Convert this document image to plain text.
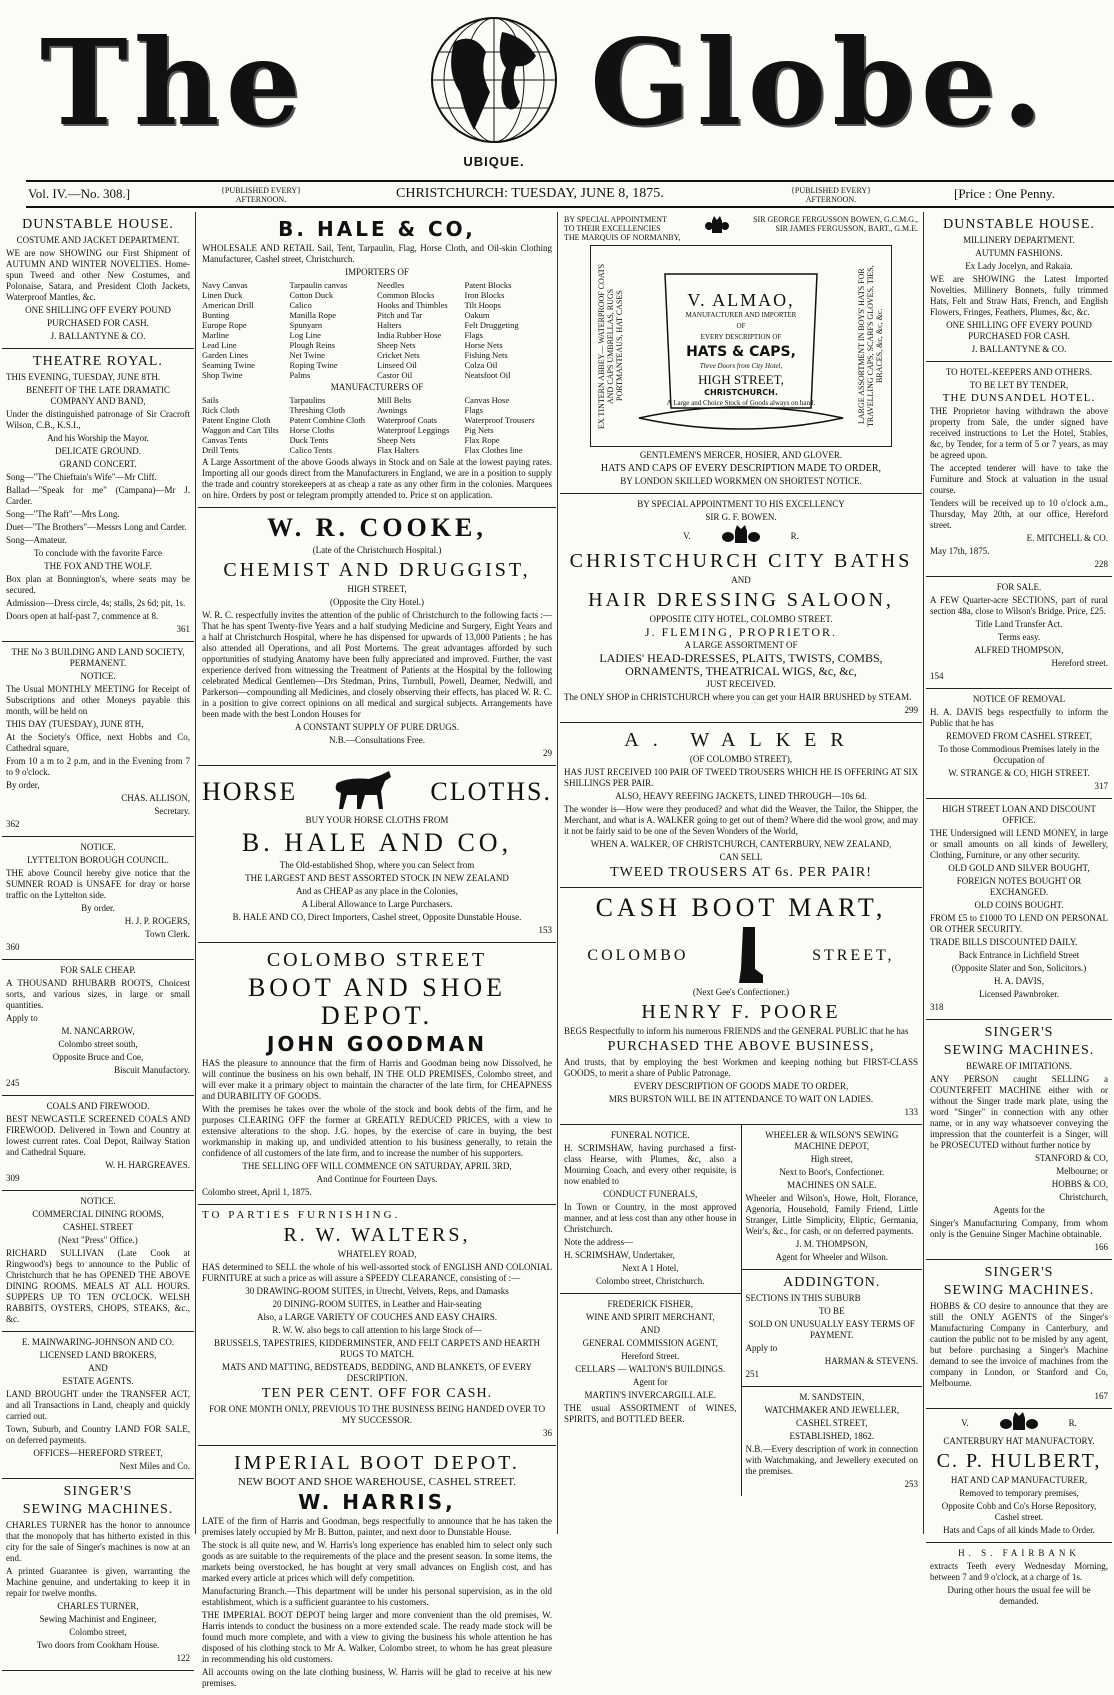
The
UBIQUE.
Globe.
Vol. IV.—No. 308.]	{PUBLISHED EVERY} AFTERNOON.	CHRISTCHURCH: TUESDAY, JUNE 8, 1875.	{PUBLISHED EVERY} AFTERNOON.	[Price : One Penny.
DUNSTABLE HOUSE.

COSTUME AND JACKET DEPARTMENT.

WE are now SHOWING our First Shipment of AUTUMN AND WINTER NOVELTIES. Home-spun Tweed and other New Costumes, and Polonaise, Satara, and President Cloth Jackets, Waterproof Mantles, &c.

ONE SHILLING OFF EVERY POUND

PURCHASED FOR CASH.

J. BALLANTYNE & CO.

THEATRE ROYAL.

THIS EVENING, TUESDAY, JUNE 8TH.

BENEFIT OF THE LATE DRAMATIC COMPANY AND BAND,

Under the distinguished patronage of Sir Cracroft Wilson, C.B., K.S.I.,

And his Worship the Mayor.

DELICATE GROUND.

GRAND CONCERT.

Song—"The Chieftain's Wife"—Mr Cliff.

Ballad—"Speak for me" (Campana)—Mr J. Carder.

Song—"The Raft"—Mrs Long.

Duet—"The Brothers"—Messrs Long and Carder.

Song—Amateur.

To conclude with the favorite Farce

THE FOX AND THE WOLF.

Box plan at Bonnington's, where seats may be secured.

Admission—Dress circle, 4s; stalls, 2s 6d; pit, 1s.

Doors open at half-past 7, commence at 8.

361

THE No 3 BUILDING AND LAND SOCIETY, PERMANENT.

NOTICE.

The Usual MONTHLY MEETING for Receipt of Subscriptions and other Moneys payable this month, will be held on

THIS DAY (TUESDAY), JUNE 8TH,

At the Society's Office, next Hobbs and Co, Cathedral square,

From 10 a m to 2 p.m, and in the Evening from 7 to 9 o'clock.

By order,

CHAS. ALLISON,

Secretary.

362

NOTICE.

LYTTELTON BOROUGH COUNCIL.

THE above Council hereby give notice that the SUMNER ROAD is UNSAFE for dray or horse traffic on the Lyttelton side.

By order.

H. J. P. ROGERS,

Town Clerk.

360

FOR SALE CHEAP.

A THOUSAND RHUBARB ROOTS, Choicest sorts, and various sizes, in large or small quantities.

Apply to

M. NANCARROW,

Colombo street south,

Opposite Bruce and Coe,

Biscuit Manufactory.

245

COALS AND FIREWOOD.

BEST NEWCASTLE SCREENED COALS AND FIREWOOD. Delivered in Town and Country at lowest current rates. Coal Depot, Railway Station and Cathedral Square.

W. H. HARGREAVES.

309

NOTICE.

COMMERCIAL DINING ROOMS,

CASHEL STREET

(Next "Press" Office.)

RICHARD SULLIVAN (Late Cook at Ringwood's) begs to announce to the Public of Christchurch that he has OPENED THE ABOVE DINING ROOMS. MEALS AT ALL HOURS. SUPPERS UP TO TEN O'CLOCK. WELSH RABBITS, OYSTERS, CHOPS, STEAKS, &c., &c.

E. MAINWARING-JOHNSON AND CO.

LICENSED LAND BROKERS,

AND

ESTATE AGENTS.

LAND BROUGHT under the TRANSFER ACT, and all Transactions in Land, cheaply and quickly carried out.

Town, Suburb, and Country LAND FOR SALE, on deferred payments.

OFFICES—HEREFORD STREET,

Next Miles and Co.

SINGER'S
SEWING MACHINES.

CHARLES TURNER has the honor to announce that the monopoly that has hitherto existed in this city for the sale of Singer's machines is now at an end.

A printed Guarantee is given, warranting the Machine genuine, and undertaking to keep it in repair for twelve months.

CHARLES TURNER,

Sewing Machinist and Engineer,

Colombo street,

Two doors from Cookham House.

122

B. HALE & CO,

WHOLESALE AND RETAIL Sail, Tent, Tarpaulin, Flag, Horse Cloth, and Oil-skin Clothing Manufacturer, Cashel street, Christchurch.

IMPORTERS OF

Navy Canvas	Tarpaulin canvas	Needles	Patent Blocks
Linen Duck	Cotton Duck	Common Blocks	Iron Blocks
American Drill	Calico	Hooks and Thimbles	Tilt Hoops
Bunting	Manilla Rope	Pitch and Tar	Oakum
Europe Rope	Spunyarn	Halters	Felt Druggeting
Marline	Log Line	India Rubber Hose	Flags
Lead Line	Plough Reins	Sheep Nets	Horse Nets
Garden Lines	Net Twine	Cricket Nets	Fishing Nets
Seaming Twine	Roping Twine	Linseed Oil	Colza Oil
Shop Twine	Palms	Castor Oil	Neatsfoot Oil

MANUFACTURERS OF

Sails	Tarpaulins	Mill Belts	Canvas Hose
Rick Cloth	Threshing Cloth	Awnings	Flags
Patent Engine Cloth	Patent Combine Cloth	Waterproof Coats	Waterproof Trousers
Waggon and Cart Tilts	Horse Cloths	Waterproof Leggings	Pig Nets
Canvas Tents	Duck Tents	Sheep Nets	Flax Rope
Drill Tents	Calico Tents	Flax Halters	Flax Clothes line

A Large Assortment of the above Goods always in Stock and on Sale at the lowest paying rates. Importing all our goods direct from the Manufacturers in England, we are in a position to supply the trade and country storekeepers at as cheap a rate as any other firm in the colonies. Marquees on hire. Orders by post or telegram promptly attended to. Price st on application.

W. R. COOKE,

(Late of the Christchurch Hospital.)

CHEMIST AND DRUGGIST,

HIGH STREET,

(Opposite the City Hotel.)

W. R. C. respectfully invites the attention of the public of Christchurch to the following facts :—That he has spent Twenty-five Years and a half studying Medicine and Surgery, Eight Years and a half at Christchurch Hospital, where he has dispensed for upwards of 13,000 Patients ; he has also attended all Operations, and all Post Mortems. The great advantages afforded by such opportunities of studying Anatomy have been fully appreciated and improved. Further, the vast experience derived from witnessing the Treatment of Patients at the Hospital by the following celebrated Medical Gentlemen—Drs Stedman, Prins, Turnbull, Powell, Deamer, Nedwill, and Parkerson—compounding all Medicines, and closely observing their effects, has placed W. R. C. in a position to give correct opinions on all medical and surgical subjects. Arrangements have been made with the best London Houses for

A CONSTANT SUPPLY OF PURE DRUGS.

N.B.—Consultations Free.

29

HORSE	CLOTHS.

BUY YOUR HORSE CLOTHS FROM

B. HALE AND CO,

The Old-established Shop, where you can Select from

THE LARGEST AND BEST ASSORTED STOCK IN NEW ZEALAND

And as CHEAP as any place in the Colonies,

A Liberal Allowance to Large Purchasers.

B. HALE AND CO, Direct Importers, Cashel street, Opposite Dunstable House.

153

COLOMBO STREET
BOOT AND SHOE DEPOT.
JOHN GOODMAN

HAS the pleasure to announce that the firm of Harris and Goodman being now Dissolved, he will continue the business on his own behalf, IN THE OLD PREMISES, Colombo street, and will ever make it a primary object to maintain the character of the late firm, for CHEAPNESS and DURABILITY OF GOODS.

With the premises he takes over the whole of the stock and book debts of the firm, and he purposes CLEARING OFF the former at GREATLY REDUCED PRICES, with a view to extensive alterations to the shop. J.G. hopes, by the exercise of care in buying, the best workmanship in making up, and undivided attention to his business generally, to retain the confidence of all customers of the late firm, and to increase the number of his supporters.

THE SELLING OFF WILL COMMENCE ON SATURDAY, APRIL 3RD,

And Continue for Fourteen Days.

Colombo street, April 1, 1875.

TO PARTIES FURNISHING.

R. W. WALTERS,

WHATELEY ROAD,

HAS determined to SELL the whole of his well-assorted stock of ENGLISH AND COLONIAL FURNITURE at such a price as will assure a SPEEDY CLEARANCE, consisting of :—

30 DRAWING-ROOM SUITES, in Utrecht, Velvets, Reps, and Damasks

20 DINING-ROOM SUITES, in Leather and Hair-seating

Also, a LARGE VARIETY OF COUCHES AND EASY CHAIRS.

R. W. W. also begs to call attention to his large Stock of—

BRUSSELS, TAPESTRIES, KIDDERMINSTER, AND FELT CARPETS AND HEARTH RUGS TO MATCH.

MATS AND MATTING, BEDSTEADS, BEDDING, AND BLANKETS, OF EVERY DESCRIPTION.

TEN PER CENT. OFF FOR CASH.

FOR ONE MONTH ONLY, PREVIOUS TO THE BUSINESS BEING HANDED OVER TO MY SUCCESSOR.

36

IMPERIAL BOOT DEPOT.

NEW BOOT AND SHOE WAREHOUSE, CASHEL STREET.

W. HARRIS,

LATE of the firm of Harris and Goodman, begs respectfully to announce that he has taken the premises lately occupied by Mr B. Button, painter, and next door to Dunstable House.

The stock is all quite new, and W. Harris's long experience has enabled him to select only such goods as are suitable to the requirements of the place and the present season. In some items, the markets being overstocked, he has bought at very small advances on English cost, and has marked every article at prices which will defy competition.

Manufacturing Branch.—This department will be under his personal supervision, as in the old establishment, which is a sufficient guarantee to his customers.

THE IMPERIAL BOOT DEPOT being larger and more convenient than the old premises, W. Harris intends to conduct the business on a more extended scale. The ready made stock will be found much more complete, and with a view to giving the business his whole attention he has disposed of his clothing stock to Mr A. Walker, Colombo street, to whom he has great pleasure in recommending his old customers.

All accounts owing on the late clothing business, W. Harris will be glad to receive at his new premises.

BY SPECIAL APPOINTMENT
TO THEIR EXCELLENCIES
THE MARQUIS OF NORMANBY,
SIR GEORGE FERGUSSON BOWEN, G.C.M.G.,
SIR JAMES FERGUSSON, BART., G.M.E.
EX TINTERN ABBEY— WATERPROOF COATS AND CAPS UMBRELLAS, RUGS PORTMANTEAUS, HAT CASES	LARGE ASSORTMENT IN BOYS' HATS FOR TRAVELLING CAPS, SCARFS GLOVES, TIES, BRACES, &c, &c, &c.
V. ALMAO,
MANUFACTURER AND IMPORTER
OF
EVERY DESCRIPTION OF
HATS & CAPS,
Three Doors from City Hotel,
HIGH STREET,
CHRISTCHURCH.
A Large and Choice Stock of Goods always on hand.

GENTLEMEN'S MERCER, HOSIER, AND GLOVER.

HATS AND CAPS OF EVERY DESCRIPTION MADE TO ORDER,

BY LONDON SKILLED WORKMEN ON SHORTEST NOTICE.

BY SPECIAL APPOINTMENT TO HIS EXCELLENCY

SIR G. F. BOWEN.

V.	R.
CHRISTCHURCH CITY BATHS

AND

HAIR DRESSING SALOON,

OPPOSITE CITY HOTEL, COLOMBO STREET.

J. FLEMING, PROPRIETOR.

A LARGE ASSORTMENT OF

LADIES' HEAD-DRESSES, PLAITS, TWISTS, COMBS,

ORNAMENTS, THEATRICAL WIGS, &c, &c,

JUST RECEIVED.

The ONLY SHOP in CHRISTCHURCH where you can get your HAIR BRUSHED by STEAM.

299

A. WALKER

(OF COLOMBO STREET),

HAS JUST RECEIVED 100 PAIR OF TWEED TROUSERS WHICH HE IS OFFERING AT SIX SHILLINGS PER PAIR.

ALSO, HEAVY REEFING JACKETS, LINED THROUGH—10s 6d.

The wonder is—How were they produced? and what did the Weaver, the Tailor, the Shipper, the Merchant, and what is A. WALKER going to get out of them? Where did the wool grow, and may it not be fairly said to be one of the Seven Wonders of the World,

WHEN A. WALKER, OF CHRISTCHURCH, CANTERBURY, NEW ZEALAND,

CAN SELL

TWEED TROUSERS AT 6s. PER PAIR!
CASH BOOT MART,
COLOMBO	STREET,

(Next Gee's Confectioner.)

HENRY F. POORE

BEGS Respectfully to inform his numerous FRIENDS and the GENERAL PUBLIC that he has

PURCHASED THE ABOVE BUSINESS,

And trusts, that by employing the best Workmen and keeping nothing but FIRST-CLASS GOODS, to merit a share of Public Patronage.

EVERY DESCRIPTION OF GOODS MADE TO ORDER,

MRS BURSTON WILL BE IN ATTENDANCE TO WAIT ON LADIES.

133

FUNERAL NOTICE.

H. SCRIMSHAW, having purchased a first-class Hearse, with Plumes, &c, also a Mourning Coach, and every other requisite, is now enabled to

CONDUCT FUNERALS,

In Town or Country, in the most approved manner, and at less cost than any other house in Christchurch.

Note the address—

H. SCRIMSHAW, Undertaker,

Next A 1 Hotel,

Colombo street, Christchurch.

FREDERICK FISHER,

WINE AND SPIRIT MERCHANT,

AND

GENERAL COMMISSION AGENT,

Hereford Street.

CELLARS — WALTON'S BUILDINGS.

Agent for

MARTIN'S INVERCARGILL ALE.

THE usual ASSORTMENT of WINES, SPIRITS, and BOTTLED BEER.

WHEELER & WILSON'S SEWING MACHINE DEPOT,

High street,

Next to Boot's, Confectioner.

MACHINES ON SALE.

Wheeler and Wilson's, Howe, Holt, Florance, Agenoria, Household, Family Friend, Little Stranger, Little Simplicity, Eliptic, Germania, Weir's, &c., for cash, or on deferred payments.

J. M. THOMPSON,

Agent for Wheeler and Wilson.

ADDINGTON.

SECTIONS IN THIS SUBURB

TO BE

SOLD ON UNUSUALLY EASY TERMS OF PAYMENT.

Apply to

HARMAN & STEVENS.

251

M. SANDSTEIN,

WATCHMAKER AND JEWELLER,

CASHEL STREET,

ESTABLISHED, 1862.

N.B.—Every description of work in connection with Watchmaking, and Jewellery executed on the premises.

253

DUNSTABLE HOUSE.

MILLINERY DEPARTMENT.

AUTUMN FASHIONS.

Ex Lady Jocelyn, and Rakaia.

WE are SHOWING the Latest Imported Novelties. Millinery Bonnets, fully trimmed Hats, Felt and Straw Hats, French, and English Flowers, Fringes, Feathers, Plumes, &c, &c.

ONE SHILLING OFF EVERY POUND PURCHASED FOR CASH.

J. BALLANTYNE & CO.

TO HOTEL-KEEPERS AND OTHERS.

TO BE LET BY TENDER,

THE DUNSANDEL HOTEL.

THE Proprietor having withdrawn the above property from Sale, the under signed have received instructions to Let the Hotel, Stables, &c, by Tender, for a term of 5 or 7 years, as may be agreed upon.

The accepted tenderer will have to take the Furniture and Stock at valuation in the usual course.

Tenders will be received up to 10 o'clock a.m., Thursday, May 20th, at our office, Hereford street.

E. MITCHELL & CO.

May 17th, 1875.

228

FOR SALE.

A FEW Quarter-acre SECTIONS, part of rural section 48a, close to Wilson's Bridge. Price, £25.

Title Land Transfer Act.

Terms easy.

ALFRED THOMPSON,

Hereford street.

154

NOTICE OF REMOVAL

H. A. DAVIS begs respectfully to inform the Public that he has

REMOVED FROM CASHEL STREET,

To those Commodious Premises lately in the Occupation of

W. STRANGE & CO, HIGH STREET.

317

HIGH STREET LOAN AND DISCOUNT OFFICE.

THE Undersigned will LEND MONEY, in large or small amounts on all kinds of Jewellery, Clothing, Furniture, or any other security.

OLD GOLD AND SILVER BOUGHT,

FOREIGN NOTES BOUGHT OR EXCHANGED.

OLD COINS BOUGHT.

FROM £5 to £1000 TO LEND ON PERSONAL OR OTHER SECURITY.

TRADE BILLS DISCOUNTED DAILY.

Back Entrance in Lichfield Street

(Opposite Slater and Son, Solicitors.)

H. A. DAVIS,

Licensed Pawnbroker.

318

SINGER'S
SEWING MACHINES.

BEWARE OF IMITATIONS.

ANY PERSON caught SELLING a COUNTERFEIT MACHINE either with or without the Singer trade mark plate, using the word "Singer" in connection with any other name, or in any way whatsoever conveying the impression that the counterfeit is a Singer, will be PROSECUTED without further notice by

STANFORD & CO,

Melbourne; or

HOBBS & CO,

Christchurch,

Agents for the

Singer's Manufacturing Company, from whom only is the Genuine Singer Machine obtainable.

166

SINGER'S
SEWING MACHINES.

HOBBS & CO desire to announce that they are still the ONLY AGENTS of the Singer's Manufacturing Company in Canterbury, and caution the public not to be misled by any agent, but before purchasing a Singer's Machine demand to see the invoice of machines from the company in London, or Stanford and Co, Melbourne.

167

V.	R.

CANTERBURY HAT MANUFACTORY.

C. P. HULBERT,

HAT AND CAP MANUFACTURER,

Removed to temporary premises,

Opposite Cobb and Co's Horse Repository, Cashel street.

Hats and Caps of all kinds Made to Order.

H. S. FAIRBANK

extracts Teeth every Wednesday Morning, between 7 and 9 o'clock, at a charge of 1s.

During other hours the usual fee will be demanded.
